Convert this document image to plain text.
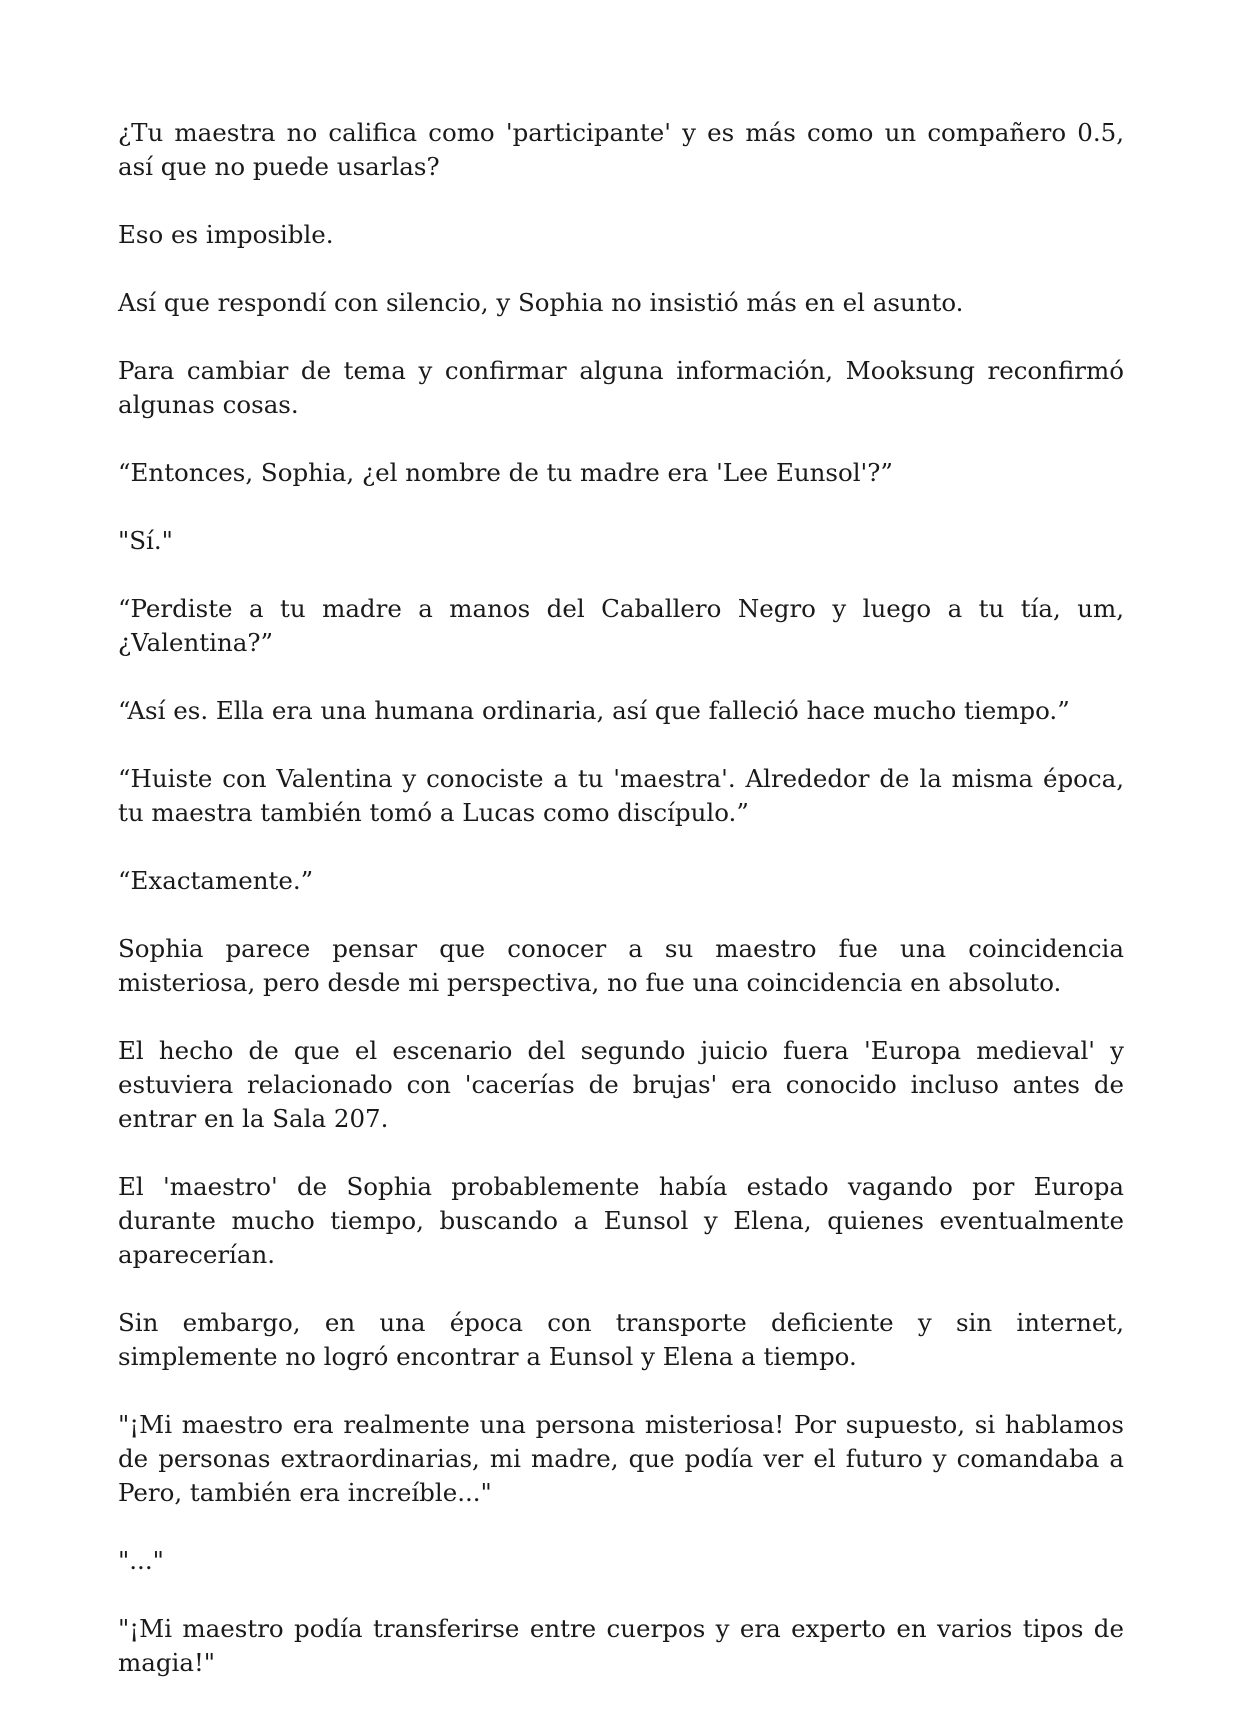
¿Tu maestra no califica como 'participante' y es más como un compañero 0.5, así que no puede usarlas?

Eso es imposible.

Así que respondí con silencio, y Sophia no insistió más en el asunto.

Para cambiar de tema y confirmar alguna información, Mooksung reconfirmó algunas cosas.

“Entonces, Sophia, ¿el nombre de tu madre era 'Lee Eunsol'?”

"Sí."

“Perdiste a tu madre a manos del Caballero Negro y luego a tu tía, um, ¿Valentina?”

“Así es. Ella era una humana ordinaria, así que falleció hace mucho tiempo.”

“Huiste con Valentina y conociste a tu 'maestra'. Alrededor de la misma época, tu maestra también tomó a Lucas como discípulo.”

“Exactamente.”

Sophia parece pensar que conocer a su maestro fue una coincidencia misteriosa, pero desde mi perspectiva, no fue una coincidencia en absoluto.

El hecho de que el escenario del segundo juicio fuera 'Europa medieval' y estuviera relacionado con 'cacerías de brujas' era conocido incluso antes de entrar en la Sala 207.

El 'maestro' de Sophia probablemente había estado vagando por Europa durante mucho tiempo, buscando a Eunsol y Elena, quienes eventualmente aparecerían.

Sin embargo, en una época con transporte deficiente y sin internet, simplemente no logró encontrar a Eunsol y Elena a tiempo.

"¡Mi maestro era realmente una persona misteriosa! Por supuesto, si hablamos de personas extraordinarias, mi madre, que podía ver el futuro y comandaba a Pero, también era increíble..."

"..."

"¡Mi maestro podía transferirse entre cuerpos y era experto en varios tipos de magia!"
